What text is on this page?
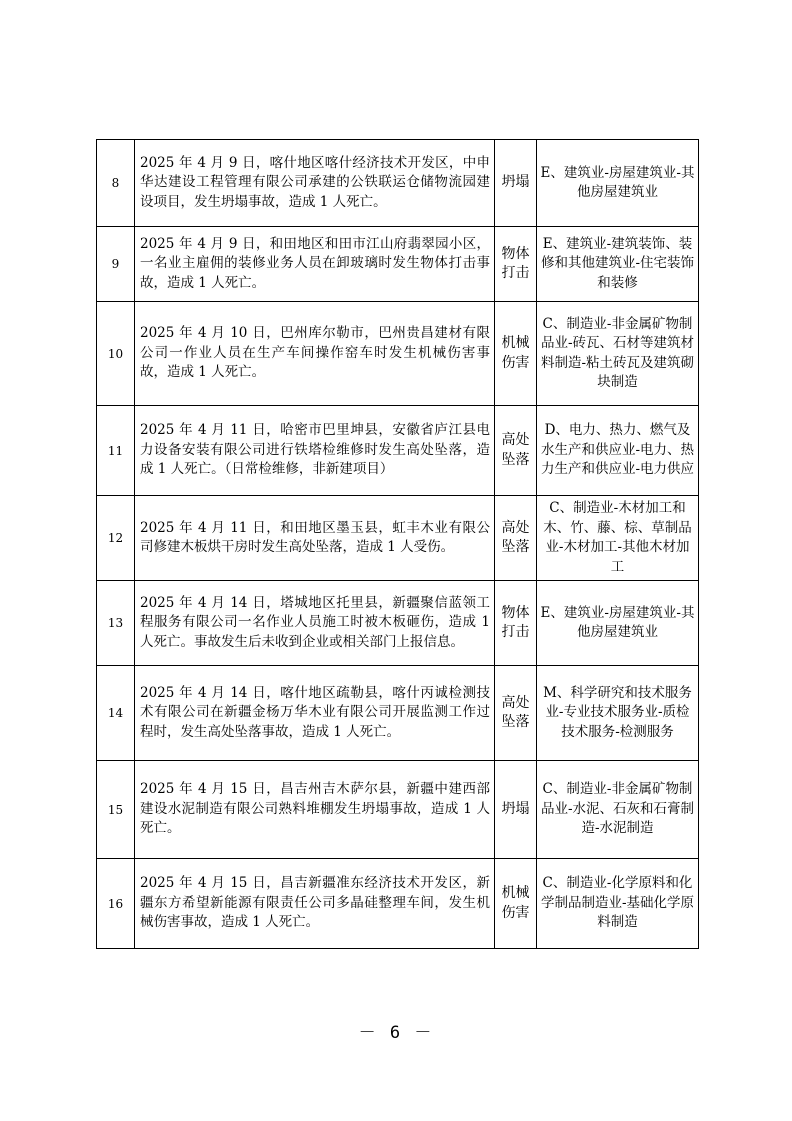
8	2025 年 4 月 9 日，喀什地区喀什经济技术开发区，中申华达建设工程管理有限公司承建的公铁联运仓储物流园建设项目，发生坍塌事故，造成 1 人死亡。	坍塌	E、建筑业-房屋建筑业-其他房屋建筑业
9	2025 年 4 月 9 日，和田地区和田市江山府翡翠园小区，一名业主雇佣的装修业务人员在卸玻璃时发生物体打击事故，造成 1 人死亡。	物体打击	E、建筑业-建筑装饰、装修和其他建筑业-住宅装饰和装修
10	2025 年 4 月 10 日，巴州库尔勒市，巴州贵昌建材有限公司一作业人员在生产车间操作窑车时发生机械伤害事故，造成 1 人死亡。	机械伤害	C、制造业-非金属矿物制品业-砖瓦、石材等建筑材料制造-粘土砖瓦及建筑砌块制造
11	2025 年 4 月 11 日，哈密市巴里坤县，安徽省庐江县电力设备安装有限公司进行铁塔检维修时发生高处坠落，造成 1 人死亡。（日常检维修，非新建项目）	高处坠落	D、电力、热力、燃气及水生产和供应业-电力、热力生产和供应业-电力供应
12	2025 年 4 月 11 日，和田地区墨玉县，虹丰木业有限公司修建木板烘干房时发生高处坠落，造成 1 人受伤。	高处坠落	C、制造业-木材加工和木、竹、藤、棕、草制品业-木材加工-其他木材加工
13	2025 年 4 月 14 日，塔城地区托里县，新疆聚信蓝领工程服务有限公司一名作业人员施工时被木板砸伤，造成 1 人死亡。事故发生后未收到企业或相关部门上报信息。	物体打击	E、建筑业-房屋建筑业-其他房屋建筑业
14	2025 年 4 月 14 日，喀什地区疏勒县，喀什丙诚检测技术有限公司在新疆金杨万华木业有限公司开展监测工作过程时，发生高处坠落事故，造成 1 人死亡。	高处坠落	M、科学研究和技术服务业-专业技术服务业-质检技术服务-检测服务
15	2025 年 4 月 15 日，昌吉州吉木萨尔县，新疆中建西部建设水泥制造有限公司熟料堆棚发生坍塌事故，造成 1 人死亡。	坍塌	C、制造业-非金属矿物制品业-水泥、石灰和石膏制造-水泥制造
16	2025 年 4 月 15 日，昌吉新疆准东经济技术开发区，新疆东方希望新能源有限责任公司多晶硅整理车间，发生机械伤害事故，造成 1 人死亡。	机械伤害	C、制造业-化学原料和化学制品制造业-基础化学原料制造
－ 6 －
